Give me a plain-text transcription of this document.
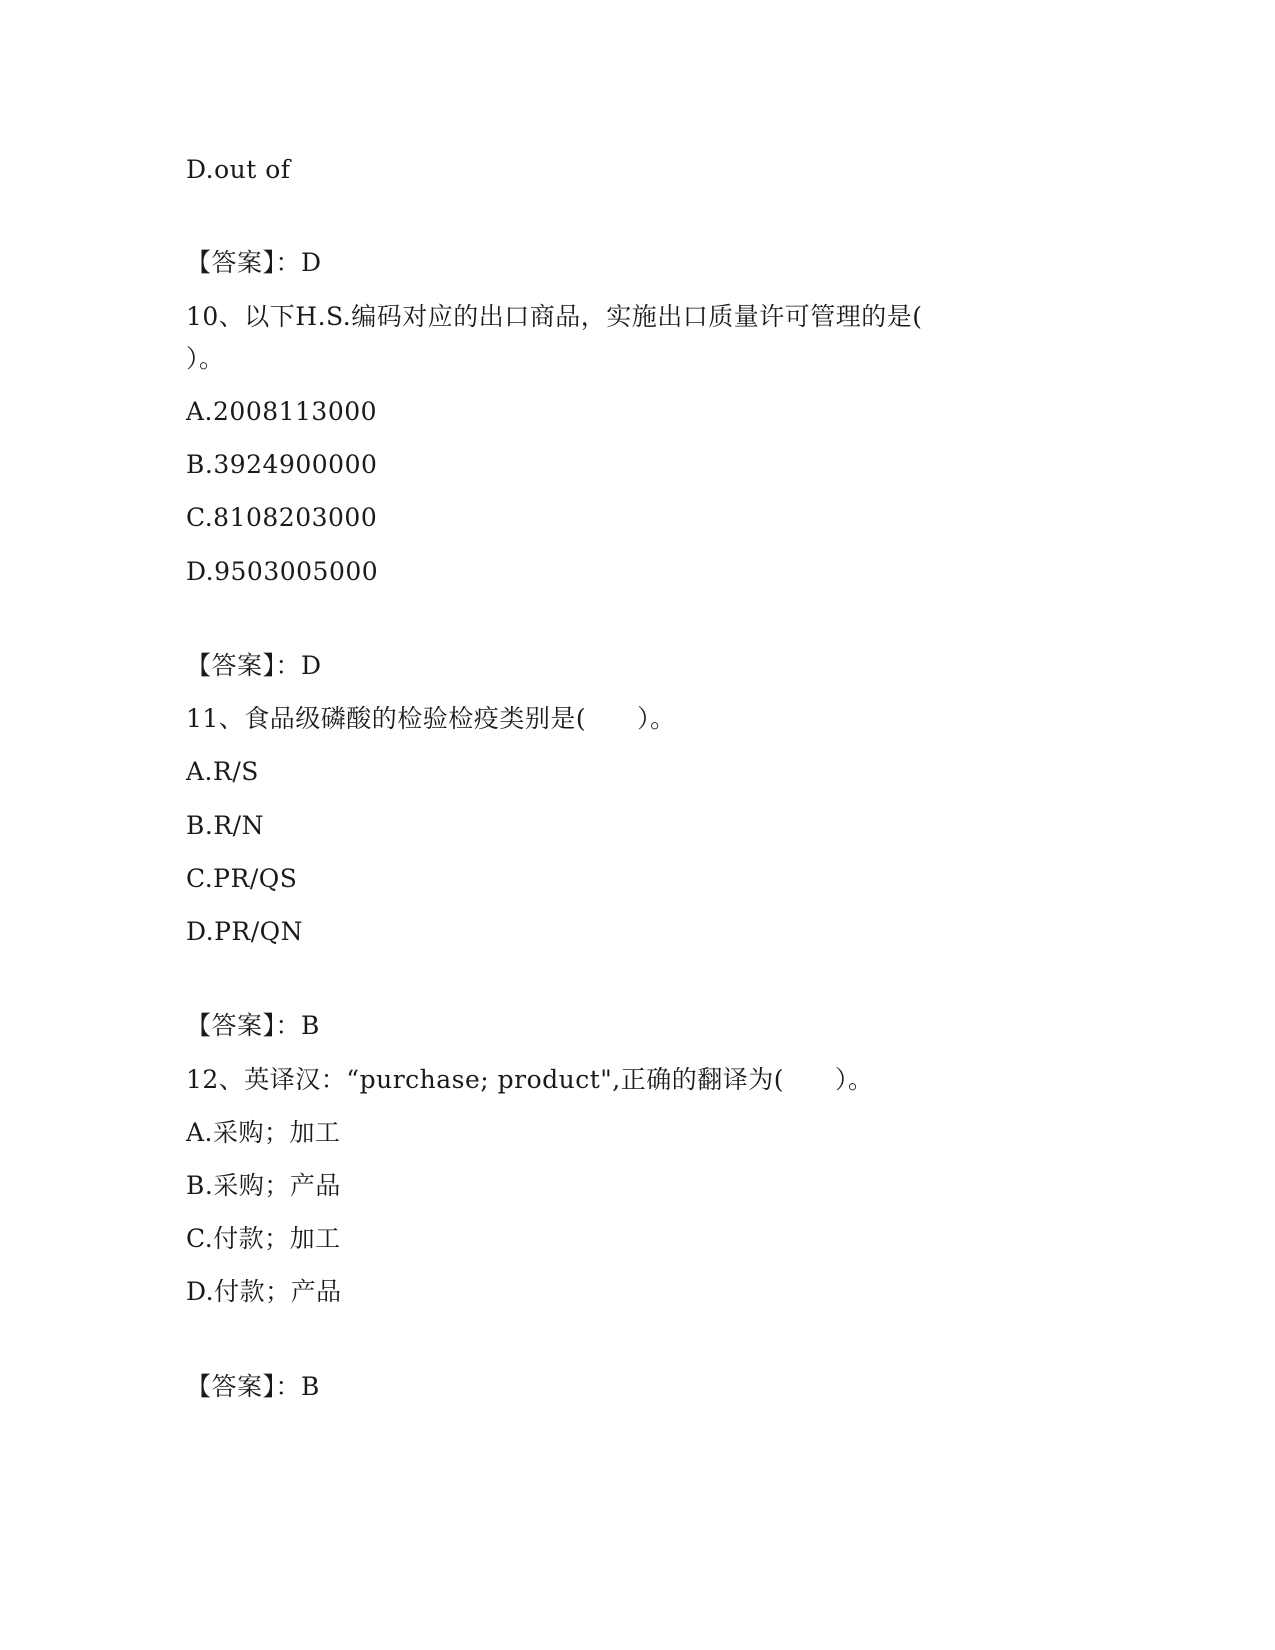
D.out of
【答案】：D
10、以下H.S.编码对应的出口商品，实施出口质量许可管理的是(
）。
A.2008113000
B.3924900000
C.8108203000
D.9503005000
【答案】：D
11、食品级磷酸的检验检疫类别是(　　）。
A.R/S
B.R/N
C.PR/QS
D.PR/QN
【答案】：B
12、英译汉：“purchase; product",正确的翻译为(　　）。
A.采购；加工
B.采购；产品
C.付款；加工
D.付款；产品
【答案】：B
